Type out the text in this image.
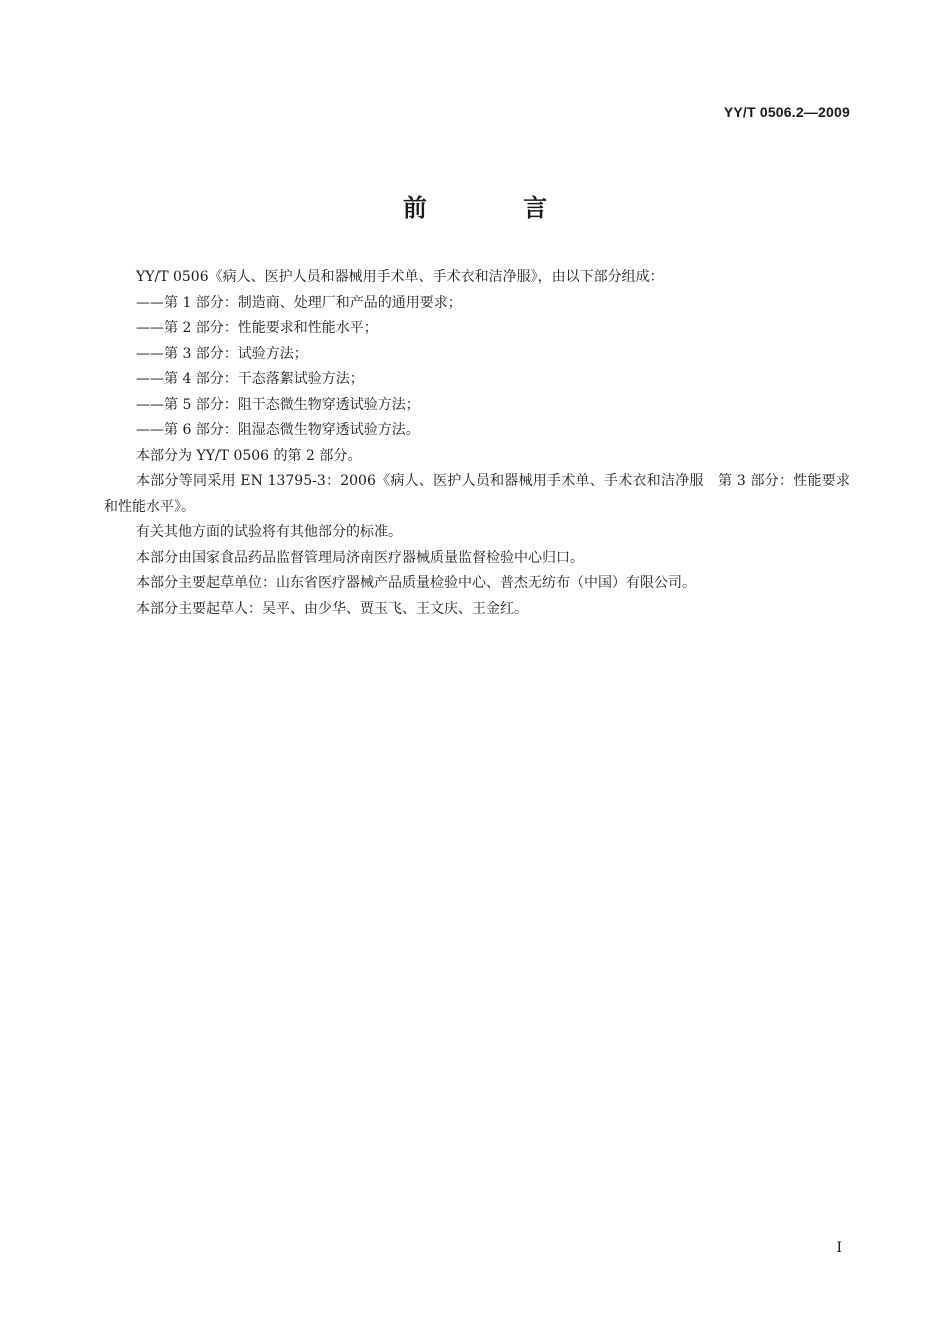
YY/T 0506.2—2009
前 言

YY/T 0506《病人、医护人员和器械用手术单、手术衣和洁净服》，由以下部分组成：

——第 1 部分：制造商、处理厂和产品的通用要求；

——第 2 部分：性能要求和性能水平；

——第 3 部分：试验方法；

——第 4 部分：干态落絮试验方法；

——第 5 部分：阻干态微生物穿透试验方法；

——第 6 部分：阻湿态微生物穿透试验方法。

本部分为 YY/T 0506 的第 2 部分。

本部分等同采用 EN 13795-3：2006《病人、医护人员和器械用手术单、手术衣和洁净服　第 3 部分：性能要求和性能水平》。

有关其他方面的试验将有其他部分的标准。

本部分由国家食品药品监督管理局济南医疗器械质量监督检验中心归口。

本部分主要起草单位：山东省医疗器械产品质量检验中心、普杰无纺布（中国）有限公司。

本部分主要起草人：吴平、由少华、贾玉飞、王文庆、王金红。

I
